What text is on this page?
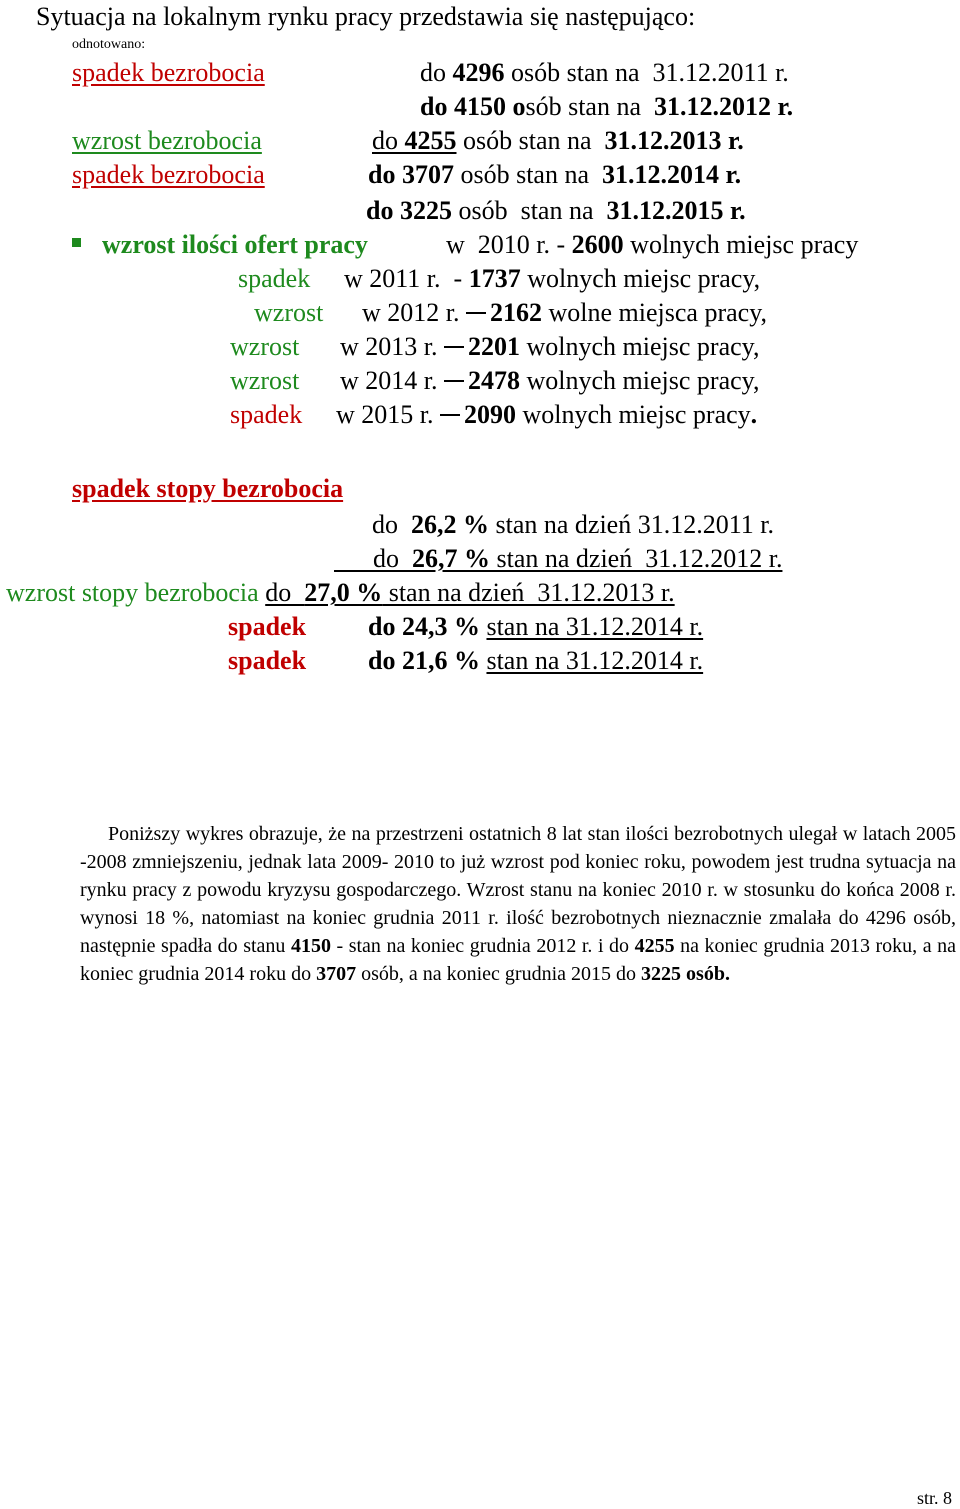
Sytuacja na lokalnym rynku pracy przedstawia się następująco:
odnotowano:
spadek bezrobocia	do 4296 osób stan na  31.12.2011 r.
do 4150 osób stan na  31.12.2012 r.
wzrost bezrobocia	do 4255 osób stan na  31.12.2013 r.
spadek bezrobocia	do 3707 osób stan na  31.12.2014 r.
do 3225 osób  stan na  31.12.2015 r.
wzrost ilości ofert pracy	w  2010 r. - 2600 wolnych miejsc pracy
spadek w 2011 r.  - 1737 wolnych miejsc pracy,
wzrost w 2012 r. 2162 wolne miejsca pracy,
wzrost w 2013 r. 2201 wolnych miejsc pracy,
wzrost w 2014 r. 2478 wolnych miejsc pracy,
spadek w 2015 r. 2090 wolnych miejsc pracy.
spadek stopy bezrobocia
do  26,2 % stan na dzień 31.12.2011 r.
do  26,7 % stan na dzień  31.12.2012 r.
wzrost stopy bezrobocia do  27,0 % stan na dzień  31.12.2013 r.
spadek do 24,3 % stan na 31.12.2014 r.
spadek do 21,6 % stan na 31.12.2014 r.

Poniższy wykres obrazuje, że na przestrzeni ostatnich 8 lat stan ilości bezrobotnych ulegał w latach 2005 -2008 zmniejszeniu, jednak lata 2009- 2010 to już wzrost pod koniec roku, powodem jest trudna sytuacja na rynku pracy z powodu kryzysu gospodarczego. Wzrost stanu na koniec 2010 r. w stosunku do końca 2008 r. wynosi 18 %, natomiast na koniec grudnia 2011 r. ilość bezrobotnych nieznacznie zmalała do 4296 osób, następnie spadła do stanu 4150 - stan na koniec grudnia 2012 r. i do 4255 na koniec grudnia 2013 roku, a na koniec grudnia 2014 roku do 3707 osób, a na koniec grudnia 2015 do 3225 osób.

str. 8
